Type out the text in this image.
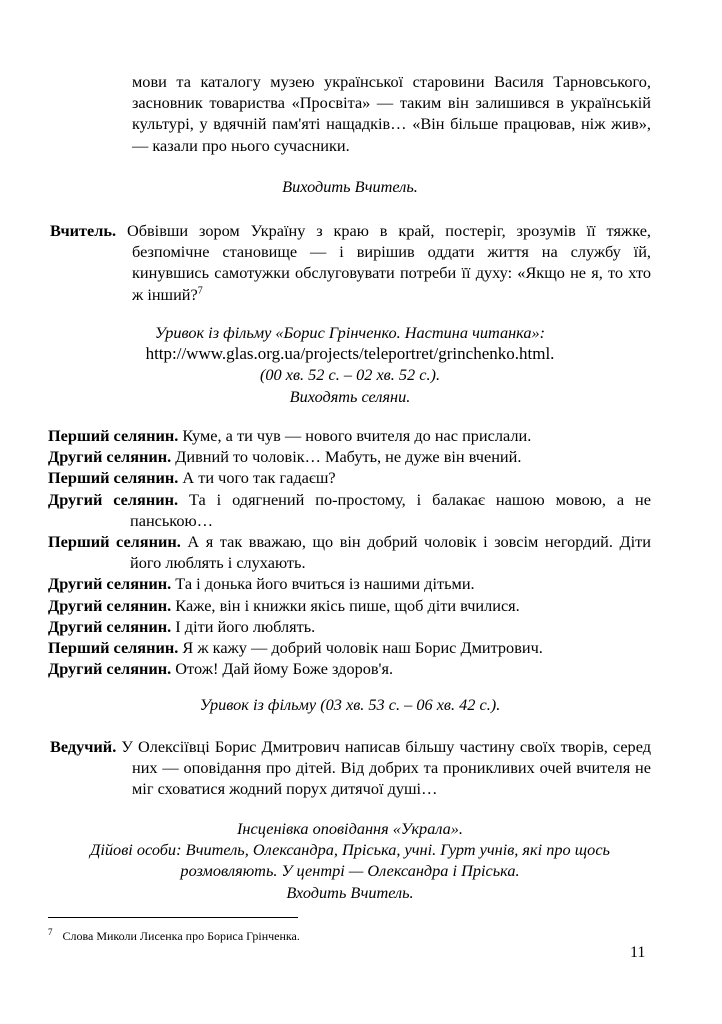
мови та каталогу музею української старовини Василя Тарновського, засновник товариства «Просвіта» — таким він залишився в українській культурі, у вдячній пам'яті нащадків… «Він більше працював, ніж жив», — казали про нього сучасники.
Виходить Вчитель.
Вчитель. Обвівши зором Україну з краю в край, постеріг, зрозумів її тяжке, безпомічне становище — і вирішив оддати життя на службу їй, кинувшись самотужки обслуговувати потреби її духу: «Якщо не я, то хто ж інший?$^7$
Уривок із фільму «Борис Грінченко. Настина читанка»:
http://www.glas.org.ua/projects/teleportret/grinchenko.html.
(00 хв. 52 с. – 02 хв. 52 с.).
Виходять селяни.
Перший селянин. Куме, а ти чув — нового вчителя до нас прислали.
Другий селянин. Дивний то чоловік… Мабуть, не дуже він вчений.
Перший селянин. А ти чого так гадаєш?
Другий селянин. Та і одягнений по-простому, і балакає нашою мовою, а не панською…
Перший селянин. А я так вважаю, що він добрий чоловік і зовсім негордий. Діти його люблять і слухають.
Другий селянин. Та і донька його вчиться із нашими дітьми.
Другий селянин. Каже, він і книжки якісь пише, щоб діти вчилися.
Другий селянин. І діти його люблять.
Перший селянин. Я ж кажу — добрий чоловік наш Борис Дмитрович.
Другий селянин. Отож! Дай йому Боже здоров'я.
Уривок із фільму (03 хв. 53 с. – 06 хв. 42 с.).
Ведучий. У Олексіївці Борис Дмитрович написав більшу частину своїх творів, серед них — оповідання про дітей. Від добрих та проникливих очей вчителя не міг сховатися жодний порух дитячої душі…
Інсценівка оповідання «Украла».
Дійові особи: Вчитель, Олександра, Пріська, учні. Гурт учнів, які про щось розмовляють. У центрі — Олександра і Пріська.
Входить Вчитель.
$^7$ Слова Миколи Лисенка про Бориса Грінченка.
11
